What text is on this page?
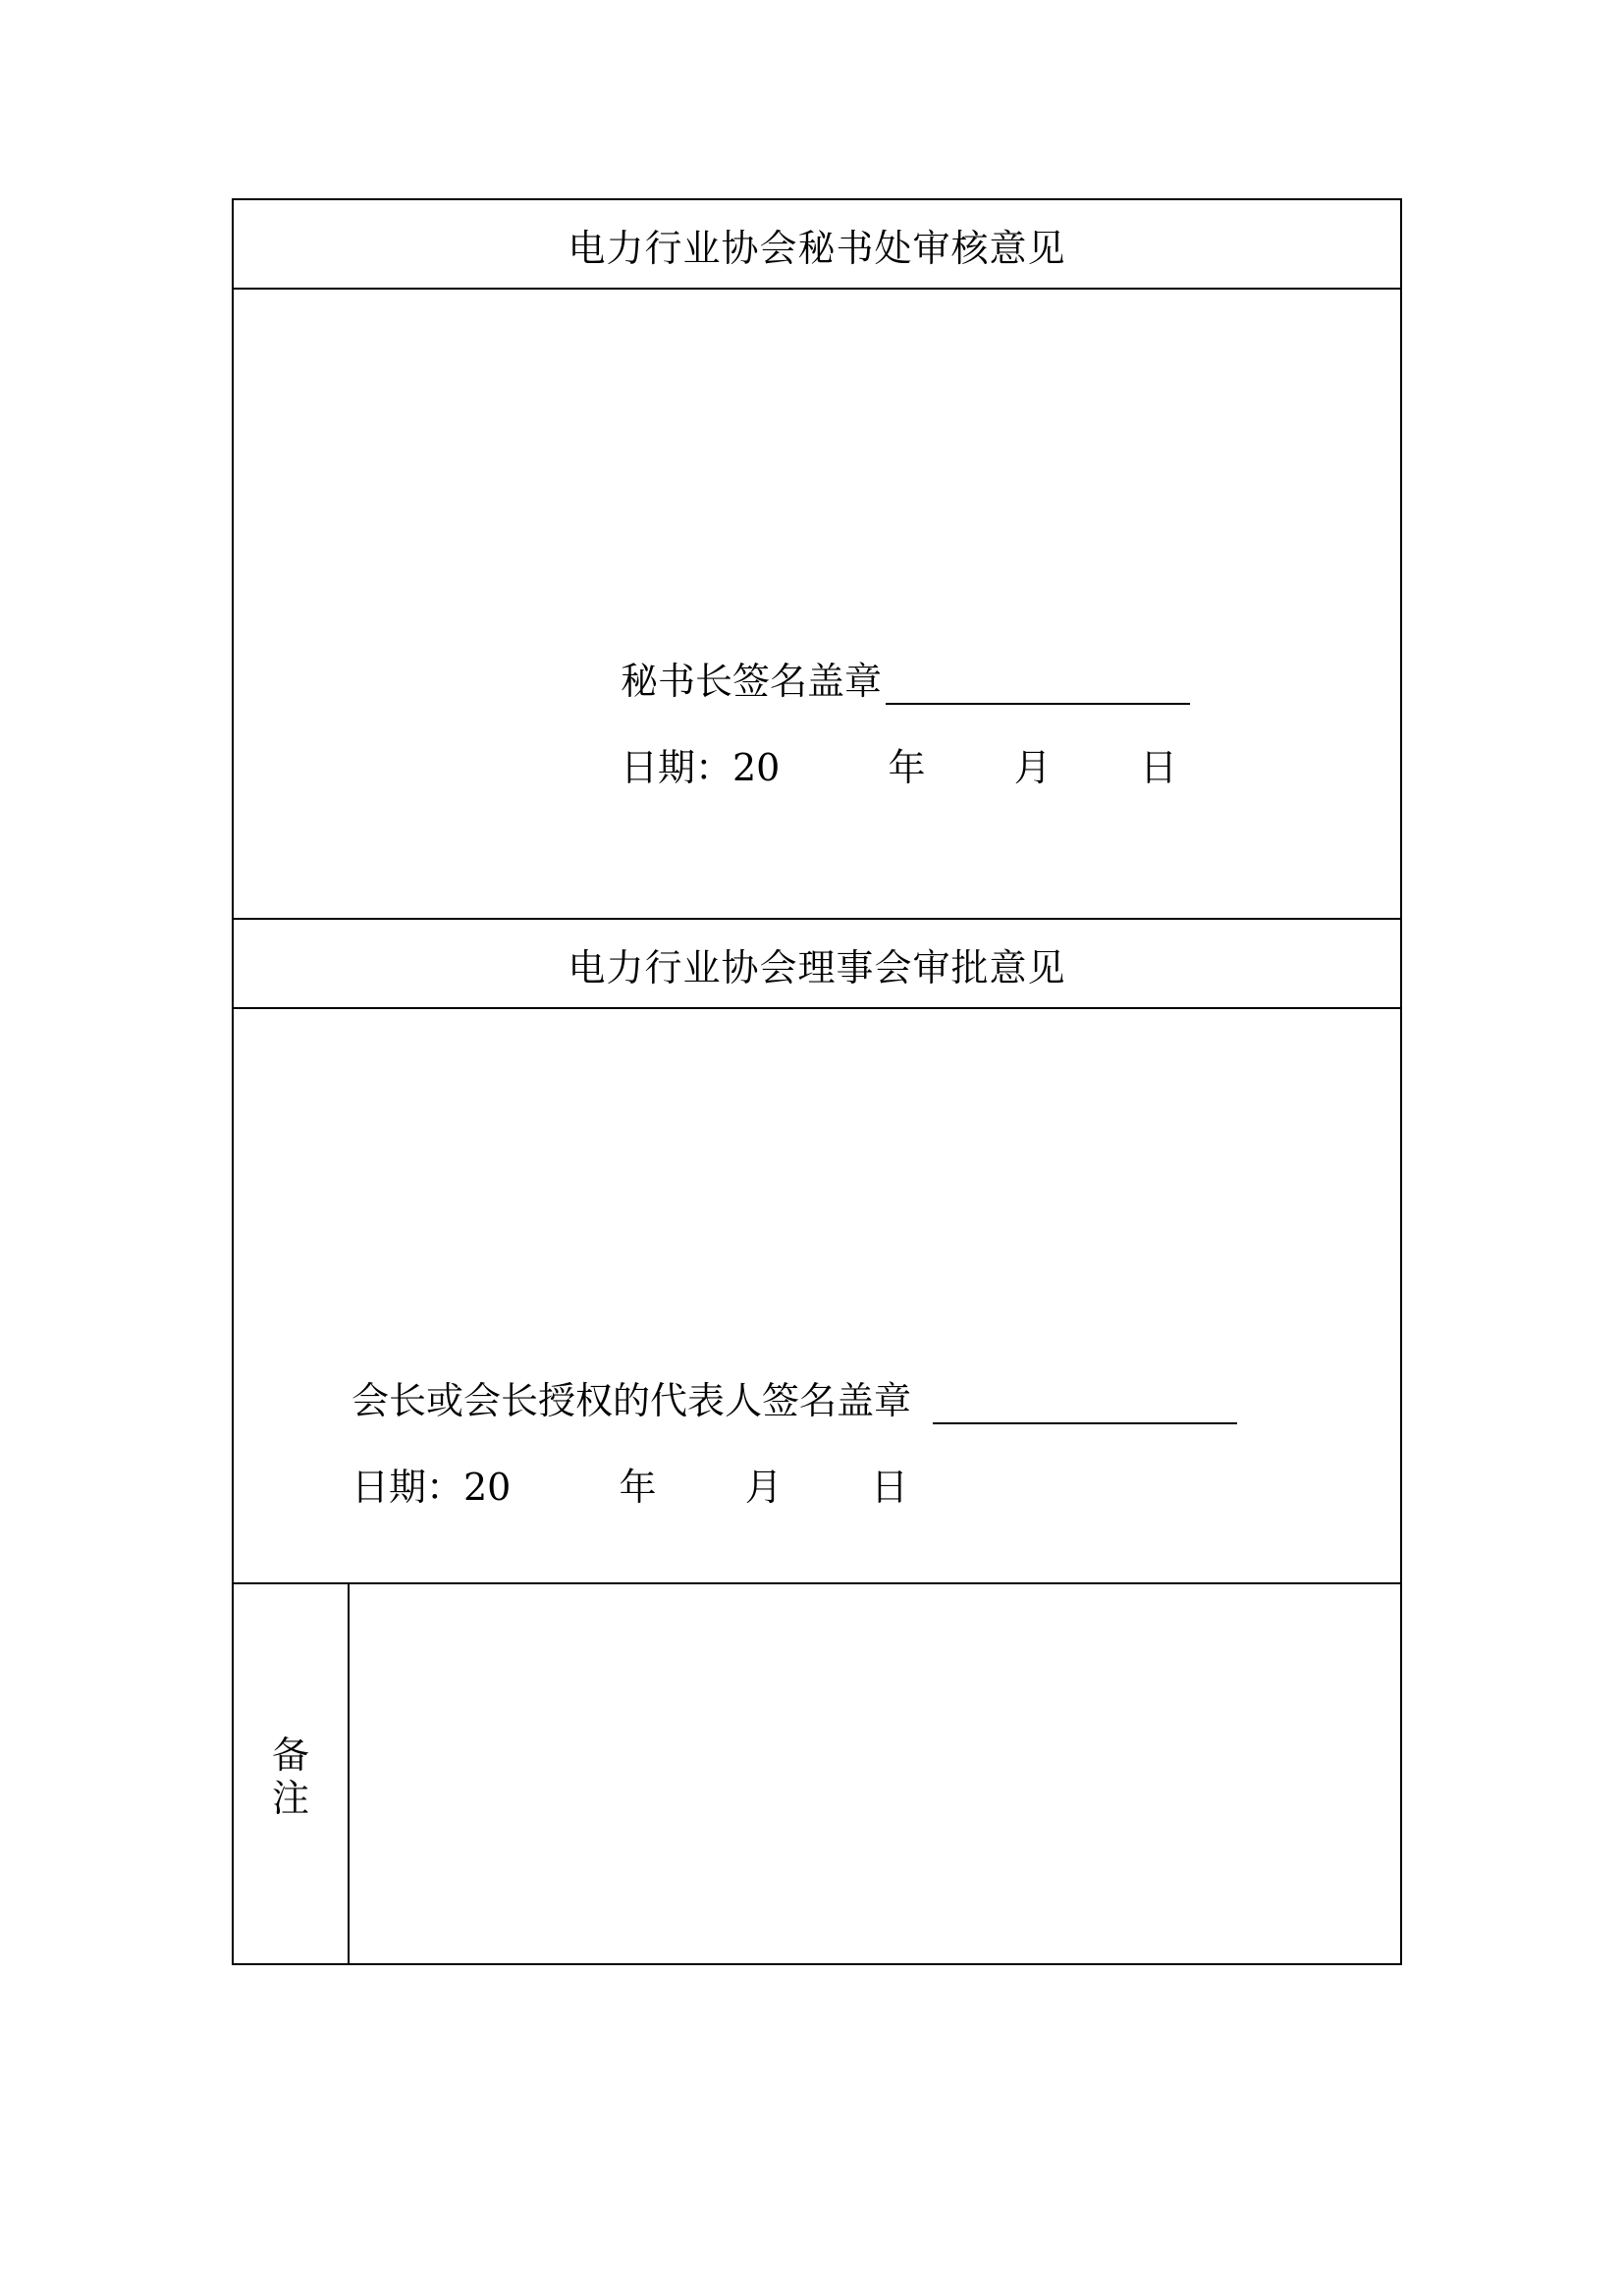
电力行业协会秘书处审核意见
秘书长签名盖章
日期：20	年 月 日
电力行业协会理事会审批意见
会长或会长授权的代表人签名盖章
日期：20	年 月 日
备
注
